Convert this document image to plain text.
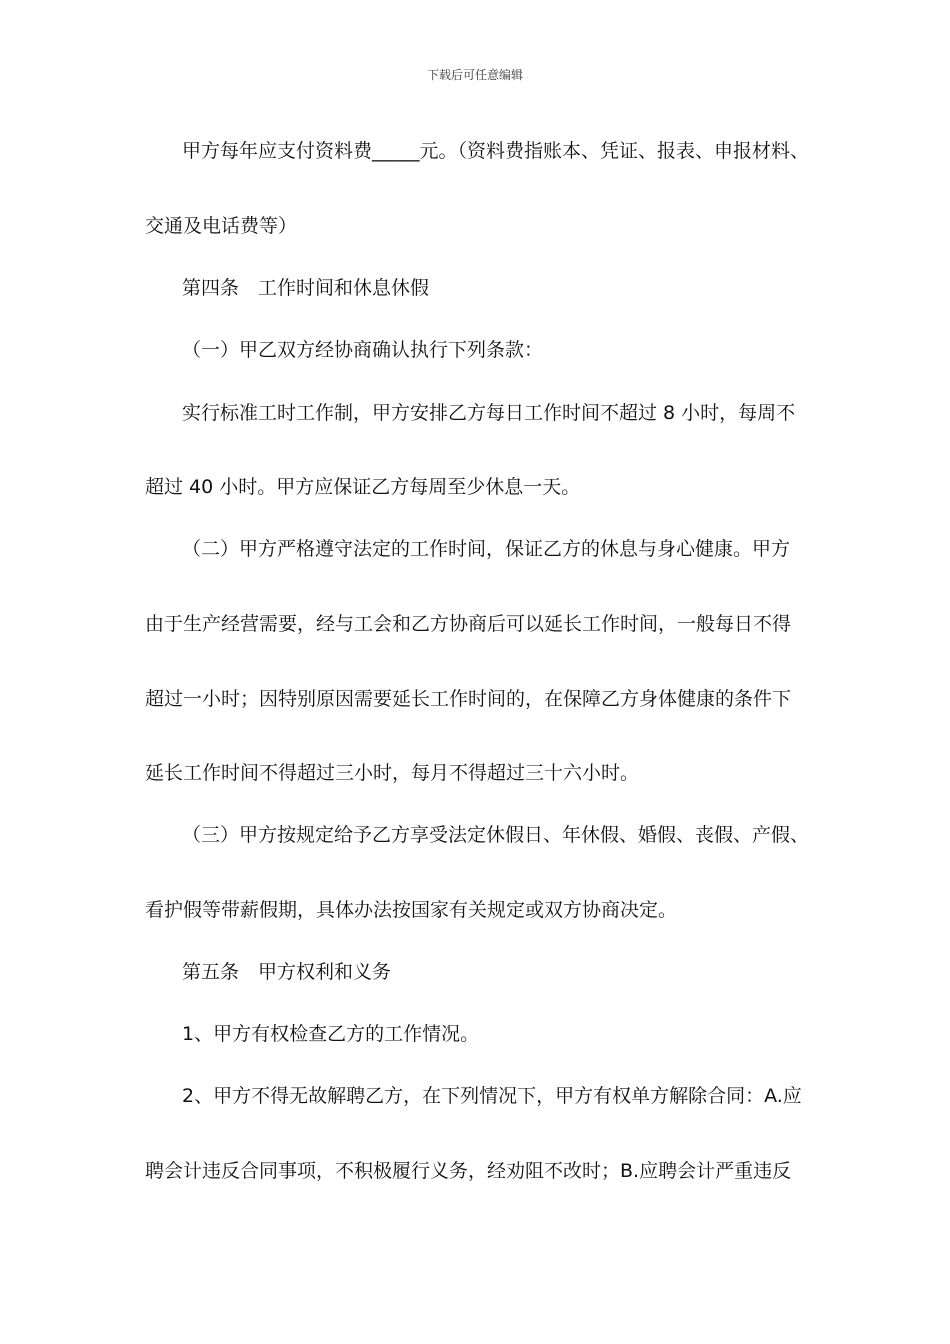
下载后可任意编辑
甲方每年应支付资料费_____元。（资料费指账本、凭证、报表、申报材料、
交通及电话费等）
第四条　工作时间和休息休假
（一）甲乙双方经协商确认执行下列条款：
实行标准工时工作制，甲方安排乙方每日工作时间不超过 8 小时，每周不
超过 40 小时。甲方应保证乙方每周至少休息一天。
（二）甲方严格遵守法定的工作时间，保证乙方的休息与身心健康。甲方
由于生产经营需要，经与工会和乙方协商后可以延长工作时间，一般每日不得
超过一小时；因特别原因需要延长工作时间的，在保障乙方身体健康的条件下
延长工作时间不得超过三小时，每月不得超过三十六小时。
（三）甲方按规定给予乙方享受法定休假日、年休假、婚假、丧假、产假、
看护假等带薪假期，具体办法按国家有关规定或双方协商决定。
第五条　甲方权利和义务
1、甲方有权检查乙方的工作情况。
2、甲方不得无故解聘乙方，在下列情况下，甲方有权单方解除合同：A.应
聘会计违反合同事项，不积极履行义务，经劝阻不改时；B.应聘会计严重违反
